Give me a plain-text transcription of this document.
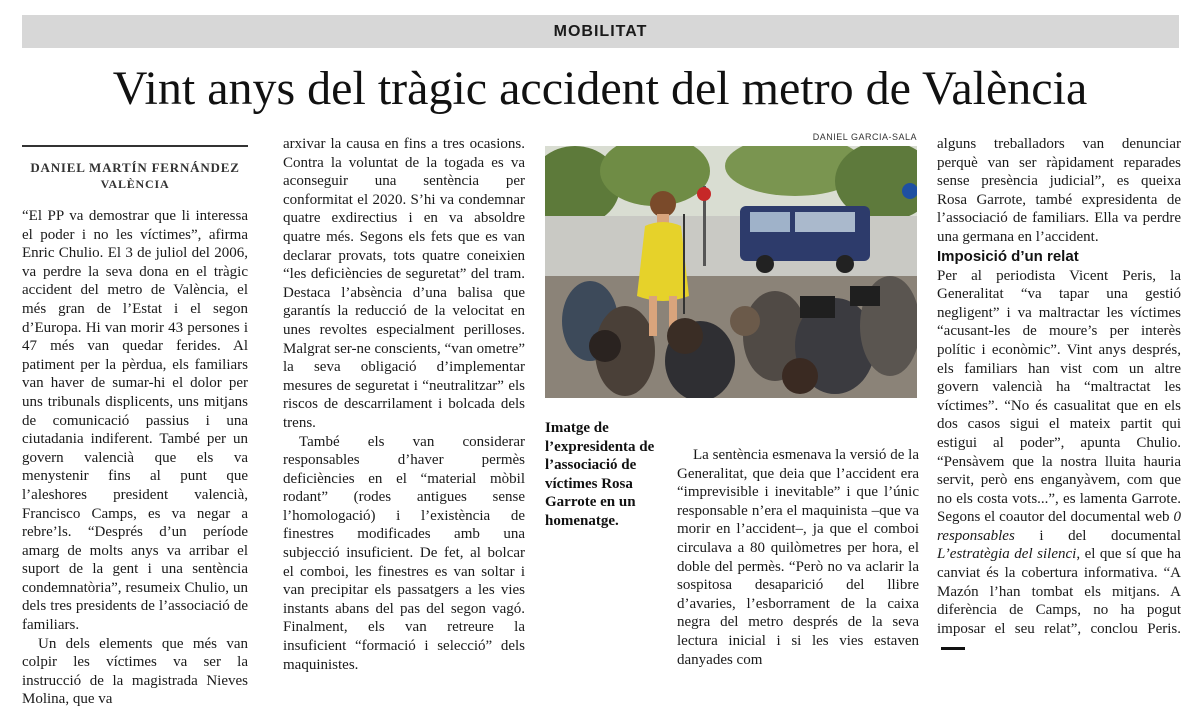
MOBILITAT
Vint anys del tràgic accident del metro de València
DANIEL MARTÍN FERNÁNDEZ
VALÈNCIA

“El PP va demostrar que li interessa el poder i no les víctimes”, afirma Enric Chulio. El 3 de juliol del 2006, va perdre la seva dona en el tràgic accident del metro de València, el més gran de l’Estat i el segon d’Europa. Hi van morir 43 persones i 47 més van quedar ferides. Al patiment per la pèrdua, els familiars van haver de sumar-hi el dolor per uns tribunals displicents, uns mitjans de comunicació passius i una ciutadania indiferent. També per un govern valencià que els va menystenir fins al punt que l’aleshores president valencià, Francisco Camps, es va negar a rebre’ls. “Després d’un període amarg de molts anys va arribar el suport de la gent i una sentència condemnatòria”, resumeix Chulio, un dels tres presidents de l’associació de familiars.

Un dels elements que més van colpir les víctimes va ser la instrucció de la magistrada Nieves Molina, que va

arxivar la causa en fins a tres ocasions. Contra la voluntat de la togada es va aconseguir una sentència per conformitat el 2020. S’hi va condemnar quatre exdirectius i en va absoldre quatre més. Segons els fets que es van declarar provats, tots quatre coneixien “les deficiències de seguretat” del tram. Destaca l’absència d’una balisa que garantís la reducció de la velocitat en unes revoltes especialment perilloses. Malgrat ser-ne conscients, “van ometre” la seva obligació d’implementar mesures de seguretat i “neutralitzar” els riscos de descarrilament i bolcada dels trens.

També els van considerar responsables d’haver permès deficiències en el “material mòbil rodant” (rodes antigues sense l’homologació) i l’existència de finestres modificades amb una subjecció insuficient. De fet, al bolcar el comboi, les finestres es van soltar i van precipitar els passatgers a les vies instants abans del pas del segon vagó. Finalment, els van retreure la insuficient “formació i selecció” dels maquinistes.

DANIEL GARCIA-SALA
Imatge de l’expresidenta de l’associació de víctimes Rosa Garrote en un homenatge.

La sentència esmenava la versió de la Generalitat, que deia que l’accident era “imprevisible i inevitable” i que l’únic responsable n’era el maquinista –que va morir en l’accident–, ja que el comboi circulava a 80 quilòmetres per hora, el doble del permès. “Però no va aclarir la sospitosa desaparició del llibre d’avaries, l’esborrament de la caixa negra del metro després de la seva lectura inicial i si les vies estaven danyades com

alguns treballadors van denunciar perquè van ser ràpidament reparades sense presència judicial”, es queixa Rosa Garrote, també expresidenta de l’associació de familiars. Ella va perdre una germana en l’accident.

Imposició d’un relat

Per al periodista Vicent Peris, la Generalitat “va tapar una gestió negligent” i va maltractar les víctimes “acusant-les de moure’s per interès polític i econòmic”. Vint anys després, els familiars han vist com un altre govern valencià ha “maltractat les víctimes”. “No és casualitat que en els dos casos sigui el mateix partit qui estigui al poder”, apunta Chulio. “Pensàvem que la nostra lluita hauria servit, però ens enganyàvem, com que no els costa vots...”, es lamenta Garrote. Segons el coautor del documental web 0 responsables i del documental L’estratègia del silenci, el que sí que ha canviat és la cobertura informativa. “A Mazón l’han tombat els mitjans. A diferència de Camps, no ha pogut imposar el seu relat”, conclou Peris.
